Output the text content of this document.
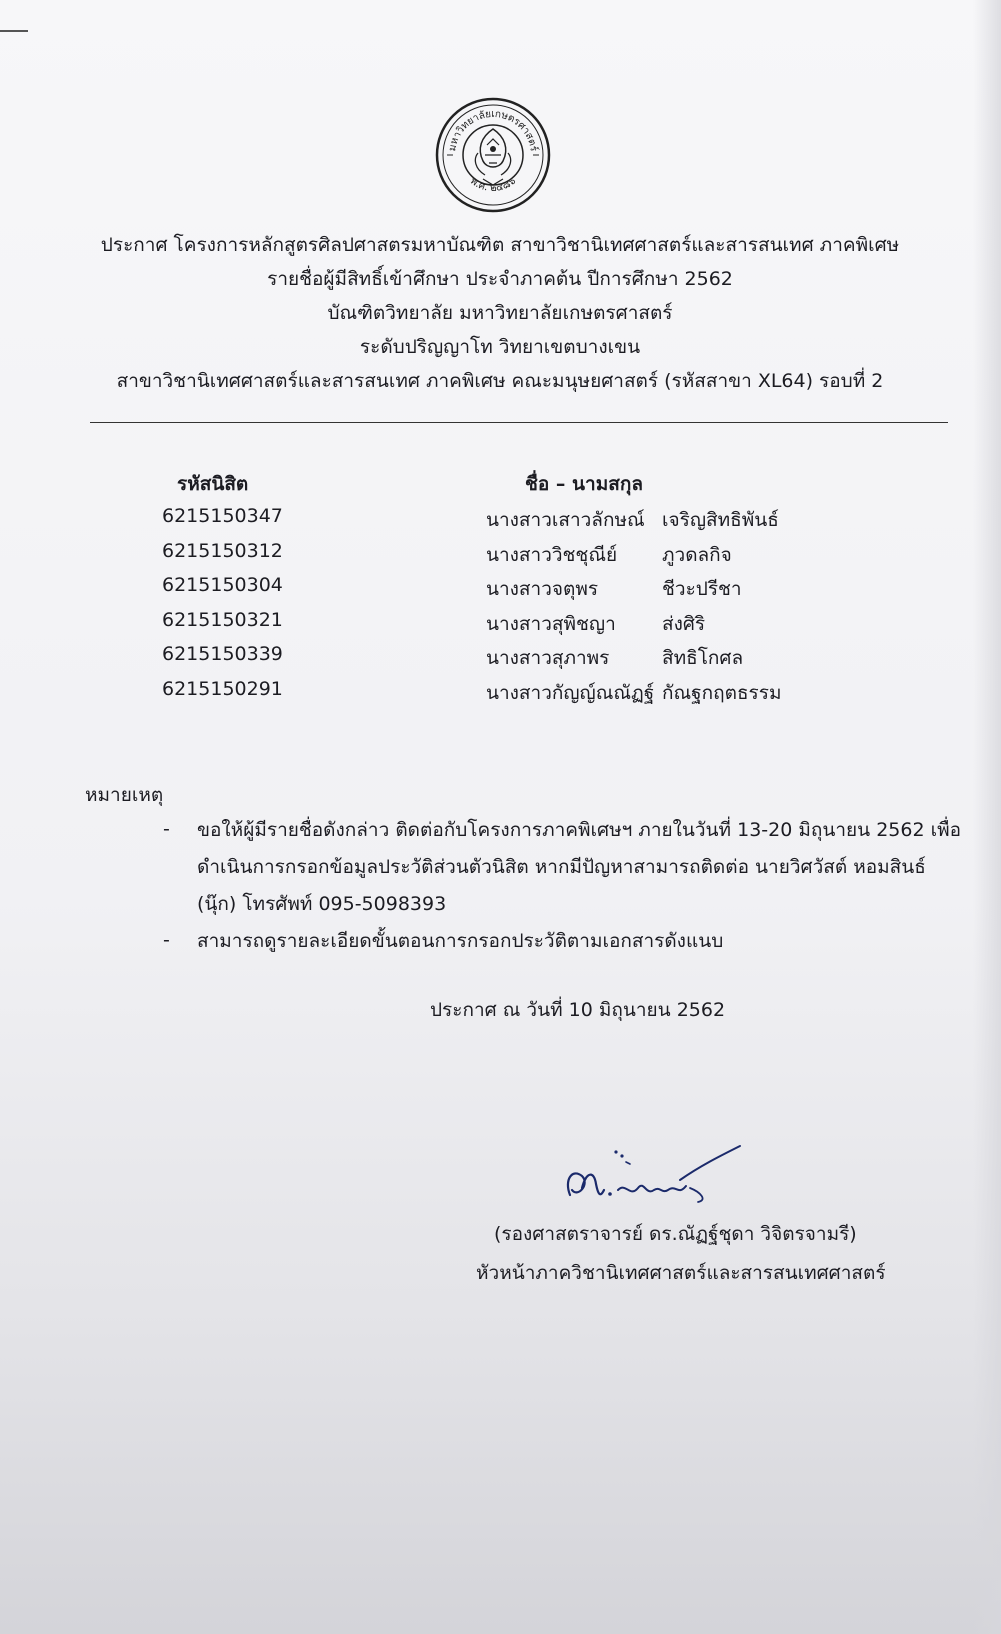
มหาวิทยาลัยเกษตรศาสตร์
พ.ศ. ๒๔๘๖
ประกาศ โครงการหลักสูตรศิลปศาสตรมหาบัณฑิต สาขาวิชานิเทศศาสตร์และสารสนเทศ ภาคพิเศษ
รายชื่อผู้มีสิทธิ์เข้าศึกษา ประจำภาคต้น ปีการศึกษา 2562
บัณฑิตวิทยาลัย มหาวิทยาลัยเกษตรศาสตร์
ระดับปริญญาโท วิทยาเขตบางเขน
สาขาวิชานิเทศศาสตร์และสารสนเทศ ภาคพิเศษ คณะมนุษยศาสตร์ (รหัสสาขา XL64) รอบที่ 2
รหัสนิสิต	ชื่อ – นามสกุล
6215150347	นางสาวเสาวลักษณ์ เจริญสิทธิพันธ์
6215150312	นางสาววิชชุณีย์ ภูวดลกิจ
6215150304	นางสาวจตุพร	ชีวะปรีชา
6215150321	นางสาวสุพิชญา ส่งศิริ
6215150339	นางสาวสุภาพร	สิทธิโกศล
6215150291	นางสาวกัญญ์ณณัฏฐ์ กัณฐกฤตธรรม
หมายเหตุ
- ขอให้ผู้มีรายชื่อดังกล่าว ติดต่อกับโครงการภาคพิเศษฯ ภายในวันที่ 13-20 มิถุนายน 2562 เพื่อ
ดำเนินการกรอกข้อมูลประวัติส่วนตัวนิสิต หากมีปัญหาสามารถติดต่อ นายวิศวัสต์ หอมสินธ์
(นุ๊ก) โทรศัพท์ 095-5098393
- สามารถดูรายละเอียดขั้นตอนการกรอกประวัติตามเอกสารดังแนบ
ประกาศ ณ วันที่ 10 มิถุนายน 2562
(รองศาสตราจารย์ ดร.ณัฏฐ์ชุดา วิจิตรจามรี)
หัวหน้าภาควิชานิเทศศาสตร์และสารสนเทศศาสตร์
